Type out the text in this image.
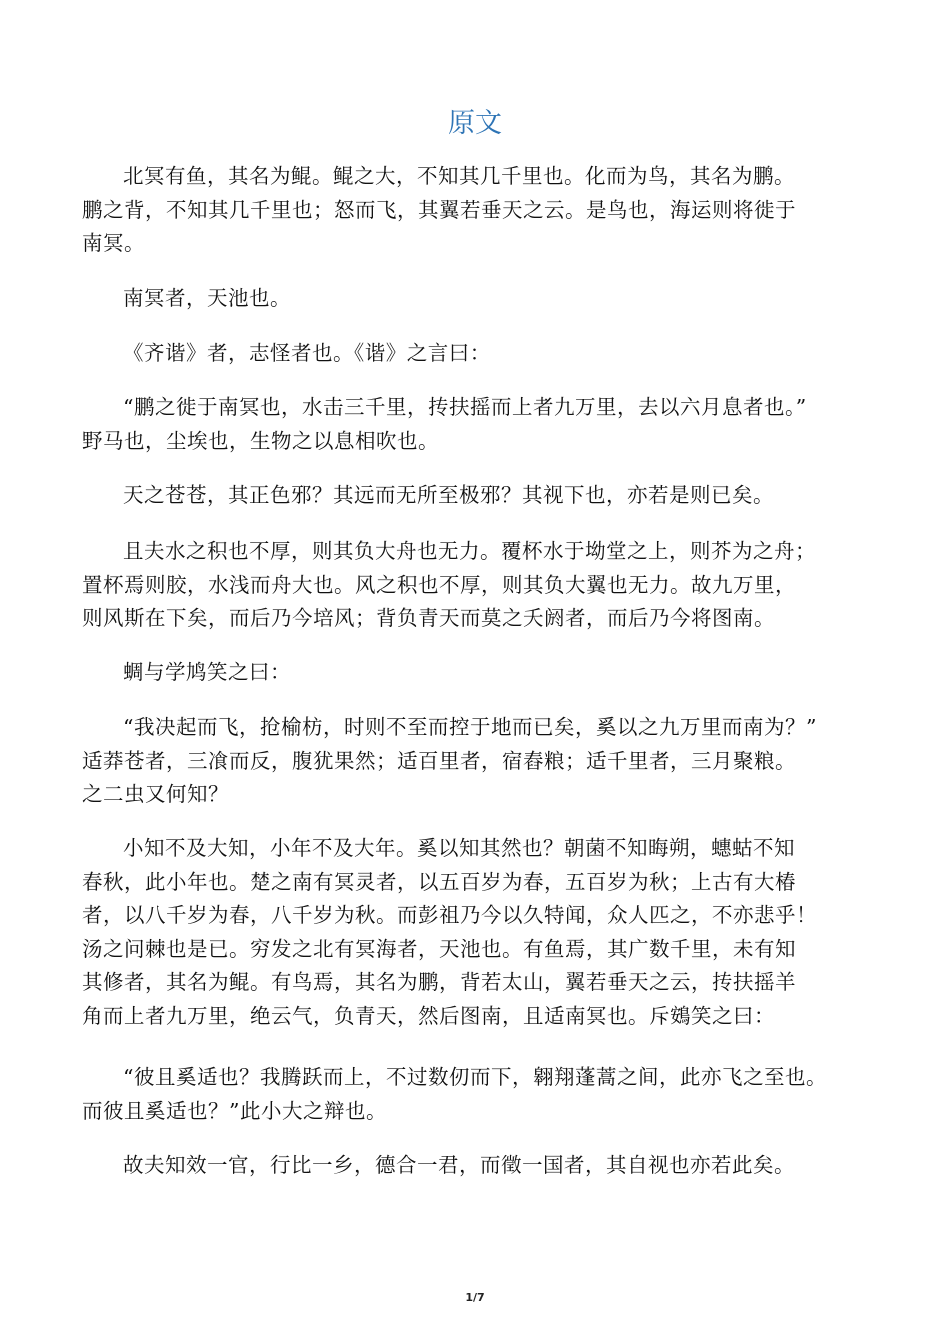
原文
北冥有鱼，其名为鲲。鲲之大，不知其几千里也。化而为鸟，其名为鹏。
鹏之背，不知其几千里也；怒而飞，其翼若垂天之云。是鸟也，海运则将徙于
南冥。
南冥者，天池也。
《齐谐》者，志怪者也。《谐》之言曰：
“鹏之徙于南冥也，水击三千里，抟扶摇而上者九万里，去以六月息者也。”
野马也，尘埃也，生物之以息相吹也。
天之苍苍，其正色邪？其远而无所至极邪？其视下也，亦若是则已矣。
且夫水之积也不厚，则其负大舟也无力。覆杯水于坳堂之上，则芥为之舟；
置杯焉则胶，水浅而舟大也。风之积也不厚，则其负大翼也无力。故九万里，
则风斯在下矣，而后乃今培风；背负青天而莫之夭阏者，而后乃今将图南。
蜩与学鸠笑之曰：
“我决起而飞，抢榆枋，时则不至而控于地而已矣，奚以之九万里而南为？”
适莽苍者，三飡而反，腹犹果然；适百里者，宿舂粮；适千里者，三月聚粮。
之二虫又何知？
小知不及大知，小年不及大年。奚以知其然也？朝菌不知晦朔，蟪蛄不知
春秋，此小年也。楚之南有冥灵者，以五百岁为春，五百岁为秋；上古有大椿
者，以八千岁为春，八千岁为秋。而彭祖乃今以久特闻，众人匹之，不亦悲乎！
汤之问棘也是已。穷发之北有冥海者，天池也。有鱼焉，其广数千里，未有知
其修者，其名为鲲。有鸟焉，其名为鹏，背若太山，翼若垂天之云，抟扶摇羊
角而上者九万里，绝云气，负青天，然后图南，且适南冥也。斥鴳笑之曰：
“彼且奚适也？我腾跃而上，不过数仞而下，翱翔蓬蒿之间，此亦飞之至也。
而彼且奚适也？”此小大之辩也。
故夫知效一官，行比一乡，德合一君，而徵一国者，其自视也亦若此矣。
1/7
